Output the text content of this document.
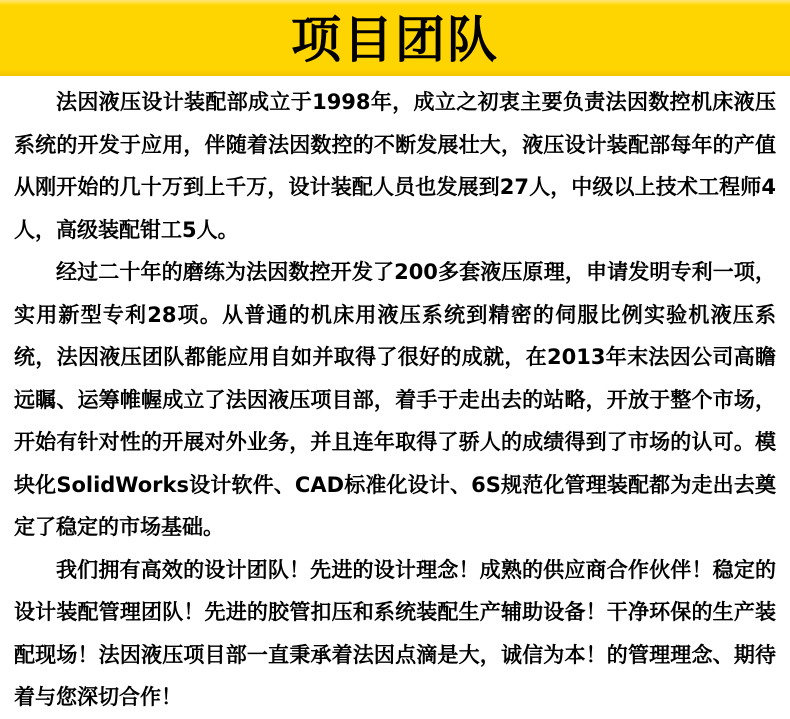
项目团队

法因液压设计装配部成立于1998年，成立之初衷主要负责法因数控机床液压系统的开发于应用，伴随着法因数控的不断发展壮大，液压设计装配部每年的产值从刚开始的几十万到上千万，设计装配人员也发展到27人，中级以上技术工程师4人，高级装配钳工5人。

经过二十年的磨练为法因数控开发了200多套液压原理，申请发明专利一项，实用新型专利28项。从普通的机床用液压系统到精密的伺服比例实验机液压系统，法因液压团队都能应用自如并取得了很好的成就，在2013年末法因公司高瞻远瞩、运筹帷幄成立了法因液压项目部，着手于走出去的站略，开放于整个市场，开始有针对性的开展对外业务，并且连年取得了骄人的成绩得到了市场的认可。模块化SolidWorks设计软件、CAD标准化设计、6S规范化管理装配都为走出去奠定了稳定的市场基础。

我们拥有高效的设计团队！先进的设计理念！成熟的供应商合作伙伴！稳定的设计装配管理团队！先进的胶管扣压和系统装配生产辅助设备！干净环保的生产装配现场！法因液压项目部一直秉承着法因点滴是大，诚信为本！的管理理念、期待着与您深切合作！
